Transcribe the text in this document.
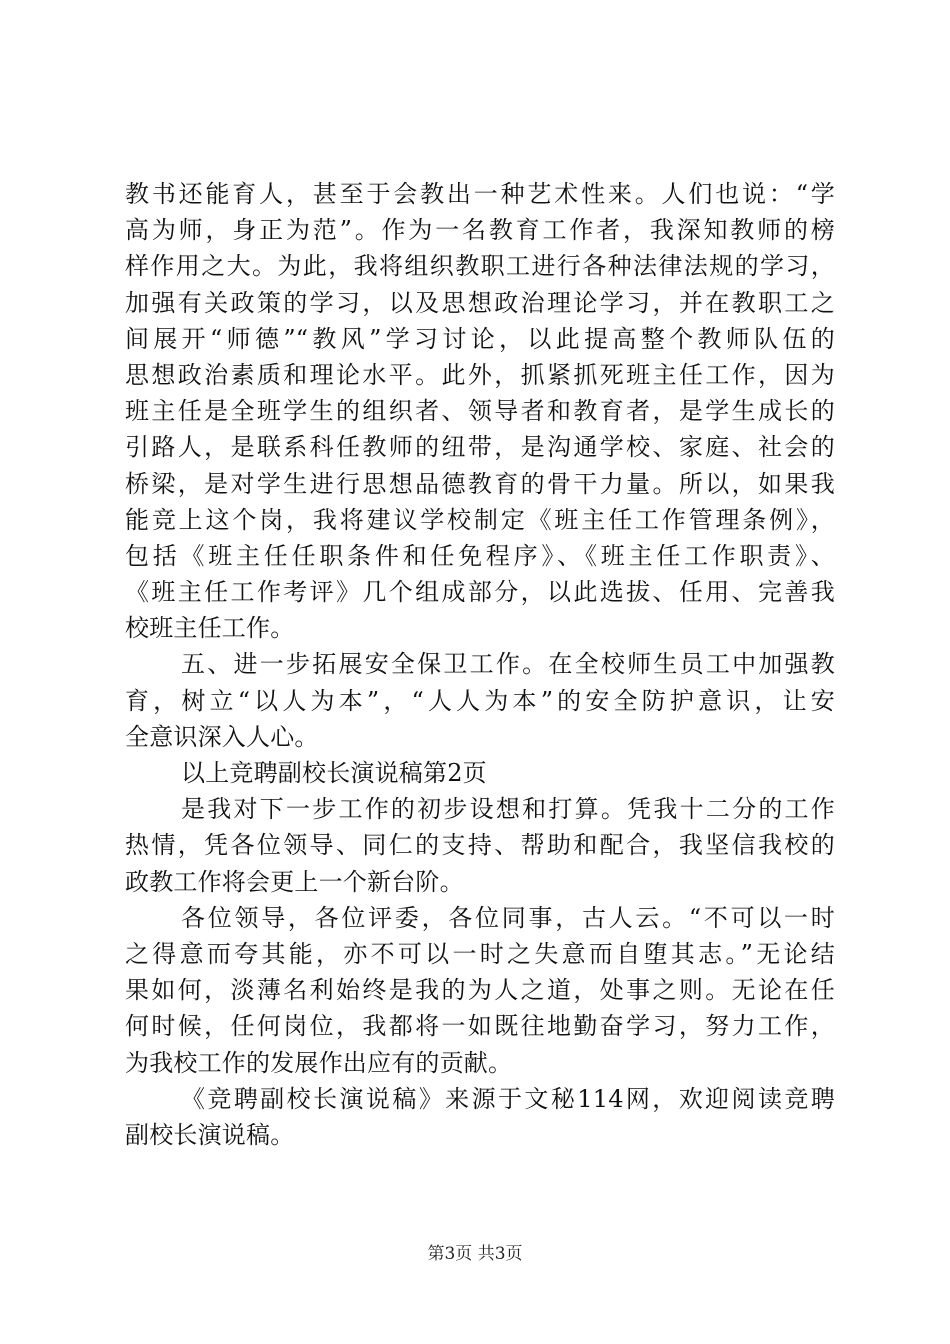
教书还能育人，甚至于会教出一种艺术性来。人们也说：“学
高为师，身正为范”。作为一名教育工作者，我深知教师的榜
样作用之大。为此，我将组织教职工进行各种法律法规的学习，
加强有关政策的学习，以及思想政治理论学习，并在教职工之
间展开“师德”“教风”学习讨论，以此提高整个教师队伍的
思想政治素质和理论水平。此外，抓紧抓死班主任工作，因为
班主任是全班学生的组织者、领导者和教育者，是学生成长的
引路人，是联系科任教师的纽带，是沟通学校、家庭、社会的
桥梁，是对学生进行思想品德教育的骨干力量。所以，如果我
能竞上这个岗，我将建议学校制定《班主任工作管理条例》，
包括《班主任任职条件和任免程序》、《班主任工作职责》、
《班主任工作考评》几个组成部分，以此选拔、任用、完善我
校班主任工作。
五、进一步拓展安全保卫工作。在全校师生员工中加强教
育，树立“以人为本”，“人人为本”的安全防护意识，让安
全意识深入人心。
以上竞聘副校长演说稿第2页
是我对下一步工作的初步设想和打算。凭我十二分的工作
热情，凭各位领导、同仁的支持、帮助和配合，我坚信我校的
政教工作将会更上一个新台阶。
各位领导，各位评委，各位同事，古人云。“不可以一时
之得意而夸其能，亦不可以一时之失意而自堕其志。”无论结
果如何，淡薄名利始终是我的为人之道，处事之则。无论在任
何时候，任何岗位，我都将一如既往地勤奋学习，努力工作，
为我校工作的发展作出应有的贡献。
《竞聘副校长演说稿》来源于文秘114网，欢迎阅读竞聘
副校长演说稿。
第3页 共3页
